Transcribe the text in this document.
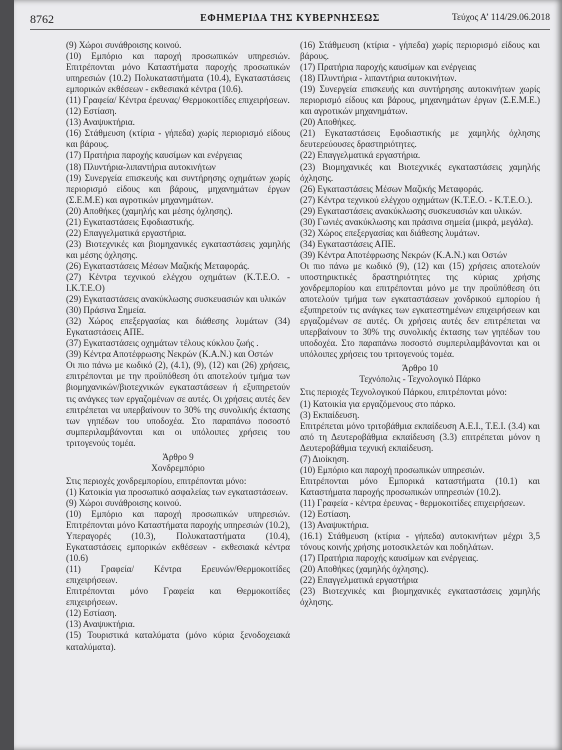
8762	ΕΦΗΜΕΡΙΔΑ ΤΗΣ ΚΥΒΕΡΝΗΣΕΩΣ	Τεύχος Α’ 114/29.06.2018

(9) Χώροι συνάθροισης κοινού.

(10) Εμπόριο και παροχή προσωπικών υπηρεσιών. Επιτρέπονται μόνο Καταστήματα παροχής προσωπικών υπηρεσιών (10.2) Πολυκαταστήματα (10.4), Εγκαταστάσεις εμπορικών εκθέσεων - εκθεσιακά κέντρα (10.6).

(11) Γραφεία/ Κέντρα έρευνας/ Θερμοκοιτίδες επιχειρήσεων.

(12) Εστίαση.

(13) Αναψυκτήρια.

(16) Στάθμευση (κτίρια - γήπεδα) χωρίς περιορισμό είδους και βάρους.

(17) Πρατήρια παροχής καυσίμων και ενέργειας

(18) Πλυντήρια-λιπαντήρια αυτοκινήτων

(19) Συνεργεία επισκευής και συντήρησης οχημάτων χωρίς περιορισμό είδους και βάρους, μηχανημάτων έργων (Σ.Ε.Μ.Ε) και αγροτικών μηχανημάτων.

(20) Αποθήκες (χαμηλής και μέσης όχλησης).

(21) Εγκαταστάσεις Εφοδιαστικής.

(22) Επαγγελματικά εργαστήρια.

(23) Βιοτεχνικές και βιομηχανικές εγκαταστάσεις χαμηλής και μέσης όχλησης.

(26) Εγκαταστάσεις Μέσων Μαζικής Μεταφοράς.

(27) Κέντρα τεχνικού ελέγχου οχημάτων (Κ.Τ.Ε.Ο. - Ι.Κ.Τ.Ε.Ο)

(29) Εγκαταστάσεις ανακύκλωσης συσκευασιών και υλικών

(30) Πράσινα Σημεία.

(32) Χώρος επεξεργασίας και διάθεσης λυμάτων (34) Εγκαταστάσεις ΑΠΕ.

(37) Εγκαταστάσεις οχημάτων τέλους κύκλου ζωής .

(39) Κέντρα Αποτέφρωσης Νεκρών (Κ.Α.Ν.) και Οστών

Οι πιο πάνω με κωδικό (2), (4.1), (9), (12) και (26) χρήσεις, επιτρέπονται με την προϋπόθεση ότι αποτελούν τμήμα των βιομηχανικών/βιοτεχνικών εγκαταστάσεων ή εξυπηρετούν τις ανάγκες των εργαζομένων σε αυτές. Οι χρήσεις αυτές δεν επιτρέπεται να υπερβαίνουν το 30% της συνολικής έκτασης των γηπέδων του υποδοχέα. Στο παραπάνω ποσοστό συμπεριλαμβάνονται και οι υπόλοιπες χρήσεις του τριτογενούς τομέα.

Άρθρο 9

Χονδρεμπόριο

Στις περιοχές χονδρεμπορίου, επιτρέπονται μόνο:

(1) Κατοικία για προσωπικό ασφαλείας των εγκαταστάσεων.

(9) Χώροι συνάθροισης κοινού.

(10) Εμπόριο και παροχή προσωπικών υπηρεσιών. Επιτρέπονται μόνο Καταστήματα παροχής υπηρεσιών (10.2), Υπεραγορές (10.3), Πολυκαταστήματα (10.4), Εγκαταστάσεις εμπορικών εκθέσεων - εκθεσιακά κέντρα (10.6)

(11) Γραφεία/ Κέντρα Ερευνών/Θερμοκοιτίδες επιχειρήσεων.

Επιτρέπονται μόνο Γραφεία και Θερμοκοιτίδες επιχειρήσεων.

(12) Εστίαση.

(13) Αναψυκτήρια.

(15) Τουριστικά καταλύματα (μόνο κύρια ξενοδοχειακά καταλύματα).

(16) Στάθμευση (κτίρια - γήπεδα) χωρίς περιορισμό είδους και βάρους.

(17) Πρατήρια παροχής καυσίμων και ενέργειας

(18) Πλυντήρια - λιπαντήρια αυτοκινήτων.

(19) Συνεργεία επισκευής και συντήρησης αυτοκινήτων χωρίς περιορισμό είδους και βάρους, μηχανημάτων έργων (Σ.Ε.Μ.Ε.) και αγροτικών μηχανημάτων.

(20) Αποθήκες.

(21) Εγκαταστάσεις Εφοδιαστικής με χαμηλής όχλησης δευτερεύουσες δραστηριότητες.

(22) Επαγγελματικά εργαστήρια.

(23) Βιομηχανικές και Βιοτεχνικές εγκαταστάσεις χαμηλής όχλησης.

(26) Εγκαταστάσεις Μέσων Μαζικής Μεταφοράς.

(27) Κέντρα τεχνικού ελέγχου οχημάτων (Κ.Τ.Ε.Ο. - Κ.Τ.Ε.Ο.).

(29) Εγκαταστάσεις ανακύκλωσης συσκευασιών και υλικών.

(30) Γωνιές ανακύκλωσης και πράσινα σημεία (μικρά, μεγάλα).

(32) Χώρος επεξεργασίας και διάθεσης λυμάτων.

(34) Εγκαταστάσεις ΑΠΕ.

(39) Κέντρα Αποτέφρωσης Νεκρών (Κ.Α.Ν.) και Οστών

Οι πιο πάνω με κωδικό (9), (12) και (15) χρήσεις αποτελούν υποστηρικτικές δραστηριότητες της κύριας χρήσης χονδρεμπορίου και επιτρέπονται μόνο με την προϋπόθεση ότι αποτελούν τμήμα των εγκαταστάσεων χονδρικού εμπορίου ή εξυπηρετούν τις ανάγκες των εγκατεστημένων επιχειρήσεων και εργαζομένων σε αυτές. Οι χρήσεις αυτές δεν επιτρέπεται να υπερβαίνουν το 30% της συνολικής έκτασης των γηπέδων του υποδοχέα. Στο παραπάνω ποσοστό συμπεριλαμβάνονται και οι υπόλοιπες χρήσεις του τριτογενούς τομέα.

Άρθρο 10

Τεχνόπολις - Τεχνολογικό Πάρκο

Στις περιοχές Τεχνολογικού Πάρκου, επιτρέπονται μόνο:

(1) Κατοικία για εργαζόμενους στο πάρκο.

(3) Εκπαίδευση.

Επιτρέπεται μόνο τριτοβάθμια εκπαίδευση Α.Ε.Ι., Τ.Ε.Ι. (3.4) και από τη Δευτεροβάθμια εκπαίδευση (3.3) επιτρέπεται μόνον η Δευτεροβάθμια τεχνική εκπαίδευση.

(7) Διοίκηση.

(10) Εμπόριο και παροχή προσωπικών υπηρεσιών.

Επιτρέπονται μόνο Εμπορικά καταστήματα (10.1) και Καταστήματα παροχής προσωπικών υπηρεσιών (10.2).

(11) Γραφεία - κέντρα έρευνας - θερμοκοιτίδες επιχειρήσεων.

(12) Εστίαση.

(13) Αναψυκτήρια.

(16.1) Στάθμευση (κτίρια - γήπεδα) αυτοκινήτων μέχρι 3,5 τόνους κοινής χρήσης μοτοσικλετών και ποδηλάτων.

(17) Πρατήρια παροχής καυσίμων και ενέργειας.

(20) Αποθήκες (χαμηλής όχλησης).

(22) Επαγγελματικά εργαστήρια

(23) Βιοτεχνικές και βιομηχανικές εγκαταστάσεις χαμηλής όχλησης.
